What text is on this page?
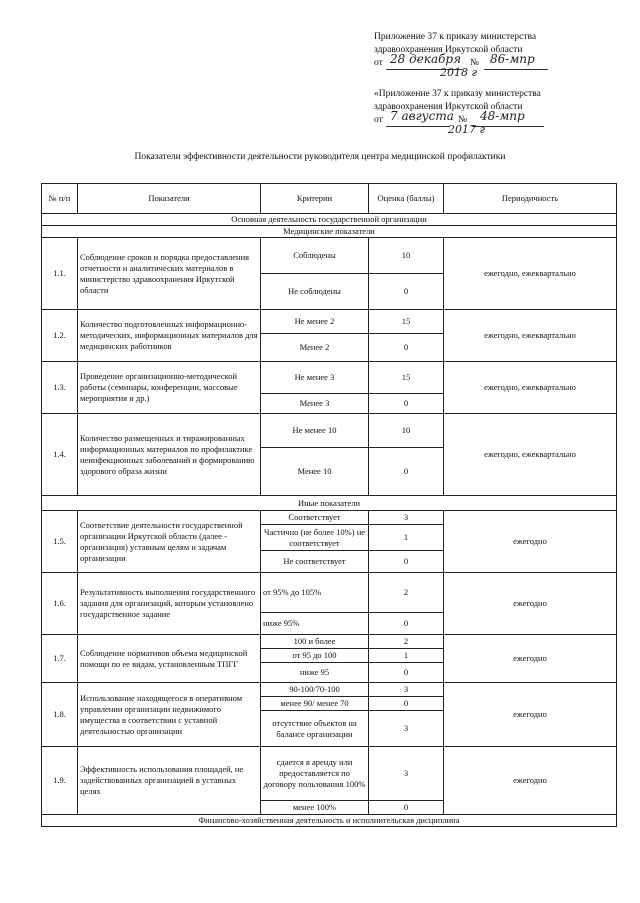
Приложение 37 к приказу министерства
здравоохранения Иркутской области
от 28 декабря № 86-мпр
2018 г
«Приложение 37 к приказу министерства
здравоохранения Иркутской области
от 7 августа № 48-мпр
2017 г
Показатели эффективности деятельности руководителя центра медицинской профилактики
№ п/п	Показатели	Критерии	Оценка (баллы)	Периодичность
Основная деятельность государственной организации				
Медицинские показатели				
1.1.	Соблюдение сроков и порядка предоставления отчетности и аналитических материалов в министерство здравоохранения Иркутской области	Соблюдены	10	ежегодно, ежеквартально
		Не соблюдены	0	
1.2.	Количество подготовленных информационно-методических, информационных материалов для медицинских работников	Не менее 2	15	ежегодно, ежеквартально
		Менее 2	0	
1.3.	Проведение организационно-методической работы (семинары, конференции, массовые мероприятия и др.)	Не менее 3	15	ежегодно, ежеквартально
		Менее 3	0	
1.4.	Количество размещенных и тиражированных информационных материалов по профилактике неинфекционных заболеваний и формированию здорового образа жизни	Не менее 10	10	ежегодно, ежеквартально
		Менее 10	0	
Иные показатели				
1.5.	Соответствие деятельности государственной организации Иркутской области (далее - организация) уставным целям и задачам организации	Соответствует	3	ежегодно
		Частично (не более 10%) не соответствует	1	
		Не соответствует	0	
1.6.	Результативность выполнения государственного задания для организаций, которым установлено государственное задание	от 95% до 105%	2	ежегодно
		ниже 95%	0	
1.7.	Соблюдение нормативов объема медицинской помощи по ее видам, установленным ТПГГ	100 и более	2	ежегодно
		от 95 до 100	1	
		ниже 95	0	
1.8.	Использование находящегося в оперативном управлении организации недвижимого имущества в соответствии с уставной деятельностью организации	90-100/70-100	3	ежегодно
		менее 90/ менее 70	0	
		отсутствие объектов на балансе организации	3	
1.9.	Эффективность использования площадей, не задействованных организацией в уставных целях	сдается в аренду или предоставляется по договору пользования 100%	3	ежегодно
		менее 100%	0	
Финансово-хозяйственная деятельность и исполнительская дисциплина				
